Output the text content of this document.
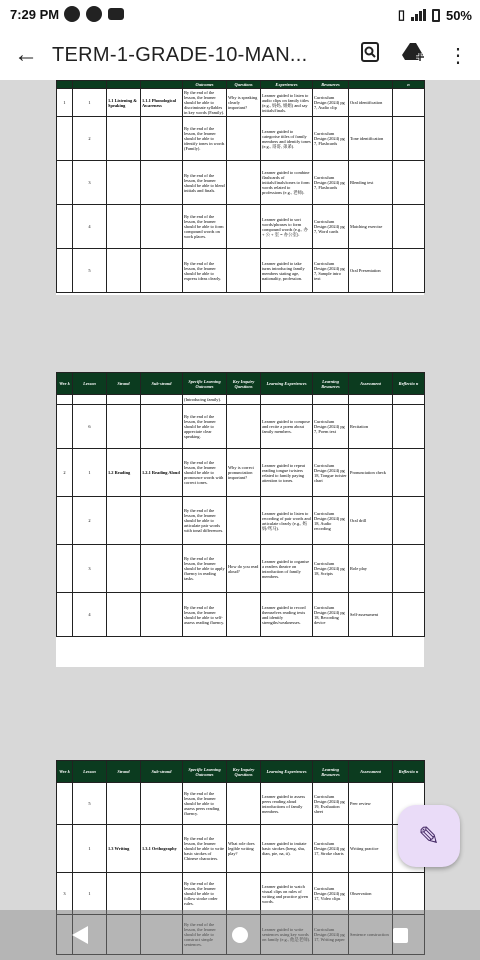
7:29 PM	▯	50%
← TERM-1-GRADE-10-MAN...	⋮
				Outcomes	Questions	Experiences	Resources		n
1	1	1.1 Listening & Speaking	1.1.1 Phonological Awareness	By the end of the lesson, the learner should be able to discriminate syllables in key words (Family).	Why is speaking clearly important?	Learner guided to listen to audio clips on family titles (e.g., 妈妈, 姐姐) and say initials/finals.	Curriculum Design (2024) pg 7, Audio clip	Oral identification	
	2			By the end of the lesson, the learner should be able to identify tones in words (Family).		Learner guided to categorise titles of family members and identify tones (e.g., 哥哥, 弟弟).	Curriculum Design (2024) pg 7, Flashcards	Tone identification	
	3			By the end of the lesson, the learner should be able to blend initials and finals.		Learner guided to combine flashcards of initials/finals/tones to form words related to professions (e.g., 老师).	Curriculum Design (2024) pg 7, Flashcards	Blending test	
	4			By the end of the lesson, the learner should be able to form compound words on work places.		Learner guided to sort words/phrases to form compound words (e.g., 办 + 公 + 室 = 办公室).	Curriculum Design (2024) pg 7, Word cards	Matching exercise	
	5			By the end of the lesson, the learner should be able to express ideas clearly.		Learner guided to take turns introducing family members stating age, nationality, profession.	Curriculum Design (2024) pg 7, Sample intro text	Oral Presentation	
Wee k	Lesson	Strand	Sub-strand	Specific Learning Outcomes	Key Inquiry Questions	Learning Experiences	Learning Resources	Assessment	Reflectio n
				(Introducing family).					
	6			By the end of the lesson, the learner should be able to appreciate clear speaking.		Learner guided to compose and recite a poem about family members.	Curriculum Design (2024) pg 7, Poem text	Recitation	
2	1	1.2 Reading	1.2.1 Reading Aloud	By the end of the lesson, the learner should be able to pronounce words with correct tones.	Why is correct pronunciation important?	Learner guided to repeat reading tongue twisters related to family paying attention to tones.	Curriculum Design (2024) pg 18, Tongue twister chart	Pronunciation check	
	2			By the end of the lesson, the learner should be able to articulate pair words with tonal differences.		Learner guided to listen to recording of pair words and articulate clearly (e.g., 妈妈/骂马).	Curriculum Design (2024) pg 18, Audio recording	Oral drill	
	3			By the end of the lesson, the learner should be able to apply fluency in reading tasks.	How do you read aloud?	Learner guided to organise a readers theatre on introduction of family members.	Curriculum Design (2024) pg 18, Scripts	Role play	
	4			By the end of the lesson, the learner should be able to self-assess reading fluency.		Learner guided to record themselves reading texts and identify strengths/weaknesses.	Curriculum Design (2024) pg 18, Recording device	Self-assessment	
Wee k	Lesson	Strand	Sub-strand	Specific Learning Outcomes	Key Inquiry Questions	Learning Experiences	Learning Resources	Assessment	Reflectio n
	5			By the end of the lesson, the learner should be able to assess peers reading fluency.		Learner guided to assess peers reading aloud introductions of family members.	Curriculum Design (2024) pg 19, Evaluation sheet	Peer review	
	1	1.3 Writing	1.3.1 Orthography	By the end of the lesson, the learner should be able to write basic strokes of Chinese characters.	What role does legible writing play?	Learner guided to imitate basic strokes (heng, shu, dian, pie, na, ti).	Curriculum Design (2024) pg 17, Stroke charts	Writing practice	
3	1			By the end of the lesson, the learner should be able to follow stroke order rules.		Learner guided to watch visual clips on rules of writing and practice given words.	Curriculum Design (2024) pg 17, Video clips	Observation	

✎
